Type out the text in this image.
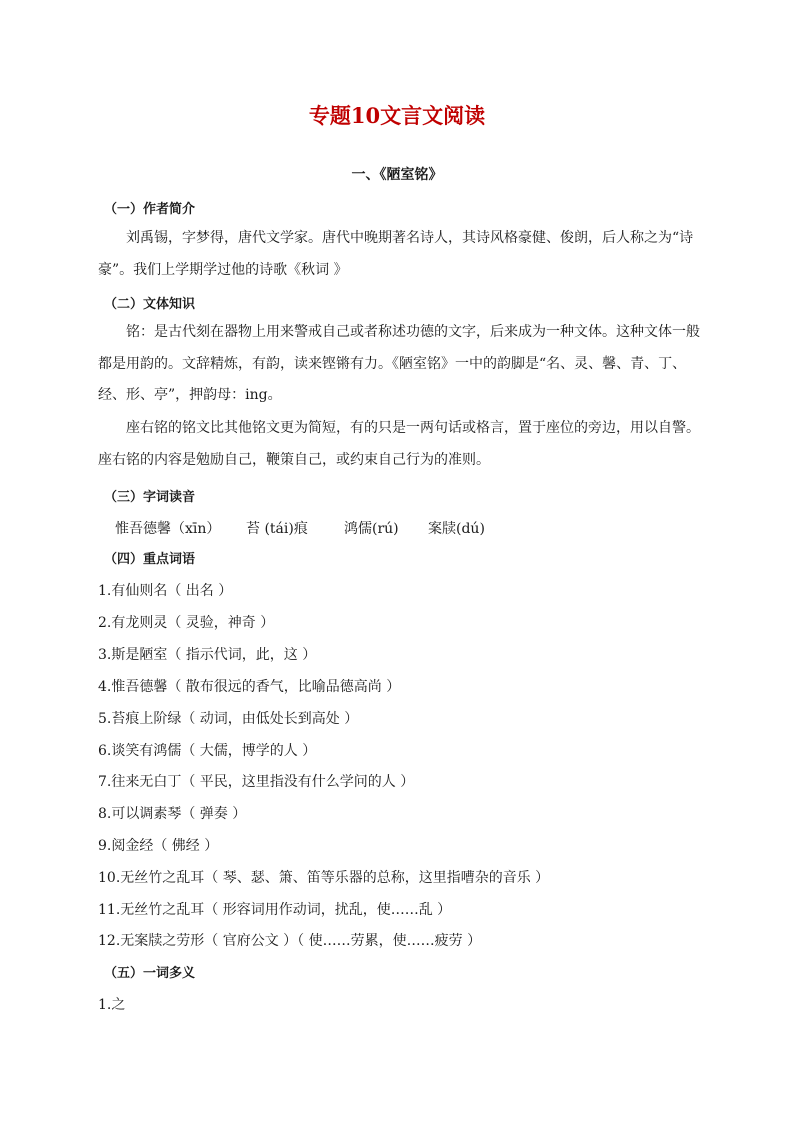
专题10文言文阅读
一、《陋室铭》
（一）作者简介
刘禹锡，字梦得，唐代文学家。唐代中晚期著名诗人，其诗风格豪健、俊朗，后人称之为“诗豪”。我们上学期学过他的诗歌《秋词 》
（二）文体知识
铭：是古代刻在器物上用来警戒自己或者称述功德的文字，后来成为一种文体。这种文体一般都是用韵的。文辞精炼，有韵，读来铿锵有力。《陋室铭》一中的韵脚是“名、灵、馨、青、丁、经、形、亭”，押韵母：ing。
座右铭的铭文比其他铭文更为简短，有的只是一两句话或格言，置于座位的旁边，用以自警。座右铭的内容是勉励自己，鞭策自己，或约束自己行为的准则。
（三）字词读音
惟吾德馨（xīn） 苔 (tái)痕	鸿儒(rú) 案牍(dú)
（四）重点词语
1.有仙则名（ 出名 ）
2.有龙则灵（ 灵验，神奇 ）
3.斯是陋室（ 指示代词，此，这 ）
4.惟吾德馨（ 散布很远的香气，比喻品德高尚 ）
5.苔痕上阶绿（ 动词，由低处长到高处 ）
6.谈笑有鸿儒（ 大儒，博学的人 ）
7.往来无白丁（ 平民，这里指没有什么学问的人 ）
8.可以调素琴（ 弹奏 ）
9.阅金经（ 佛经 ）
10.无丝竹之乱耳（ 琴、瑟、箫、笛等乐器的总称，这里指嘈杂的音乐 ）
11.无丝竹之乱耳（ 形容词用作动词，扰乱，使……乱 ）
12.无案牍之劳形（ 官府公文 ）（ 使……劳累，使……疲劳 ）
（五）一词多义
1.之
